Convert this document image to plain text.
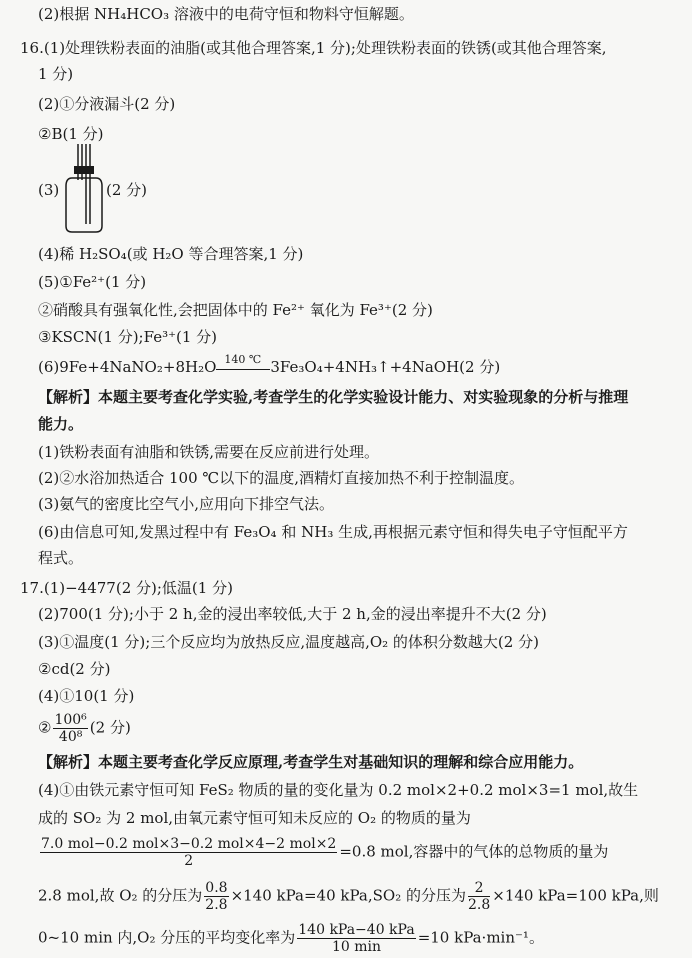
(2)根据 NH₄HCO₃ 溶液中的电荷守恒和物料守恒解题。
16.(1)处理铁粉表面的油脂(或其他合理答案,1 分);处理铁粉表面的铁锈(或其他合理答案,
1 分)
(2)①分液漏斗(2 分)
②B(1 分)
(3)	(2 分)
(4)稀 H₂SO₄(或 H₂O 等合理答案,1 分)
(5)①Fe²⁺(1 分)
②硝酸具有强氧化性,会把固体中的 Fe²⁺ 氧化为 Fe³⁺(2 分)
③KSCN(1 分);Fe³⁺(1 分)
(6)9Fe+4NaNO₂+8H₂O 140 ℃ 3Fe₃O₄+4NH₃↑+4NaOH(2 分)
【解析】本题主要考查化学实验,考查学生的化学实验设计能力、对实验现象的分析与推理
能力。
(1)铁粉表面有油脂和铁锈,需要在反应前进行处理。
(2)②水浴加热适合 100 ℃以下的温度,酒精灯直接加热不利于控制温度。
(3)氨气的密度比空气小,应用向下排空气法。
(6)由信息可知,发黑过程中有 Fe₃O₄ 和 NH₃ 生成,再根据元素守恒和得失电子守恒配平方
程式。
17.(1)−4477(2 分);低温(1 分)
(2)700(1 分);小于 2 h,金的浸出率较低,大于 2 h,金的浸出率提升不大(2 分)
(3)①温度(1 分);三个反应均为放热反应,温度越高,O₂ 的体积分数越大(2 分)
②cd(2 分)
(4)①10(1 分)
② $\frac{\text{100⁶}}{\text{40⁸}} (2$ 分)
【解析】本题主要考查化学反应原理,考查学生对基础知识的理解和综合应用能力。
(4)①由铁元素守恒可知 FeS₂ 物质的量的变化量为 0.2 mol×2+0.2 mol×3=1 mol,故生
成的 SO₂ 为 2 mol,由氧元素守恒可知未反应的 O₂ 的物质的量为
$\frac{\text{7.0 mol−0.2 mol×3−0.2 mol×4−2 mol×2}}{2} =0.8$ mol,容器中的气体的总物质的量为
2.8 mol,故 O₂ 的分压为 $\frac{0.8}{2.8} \times 140$ kPa=40 kPa,SO₂ 的分压为 $\frac{2}{2.8} \times 140$ kPa=100 kPa,则
0~10 min 内,O₂ 分压的平均变化率为 $\frac{\text{140 kPa−40 kPa}}{10 \min} =10$ kPa·min⁻¹。
